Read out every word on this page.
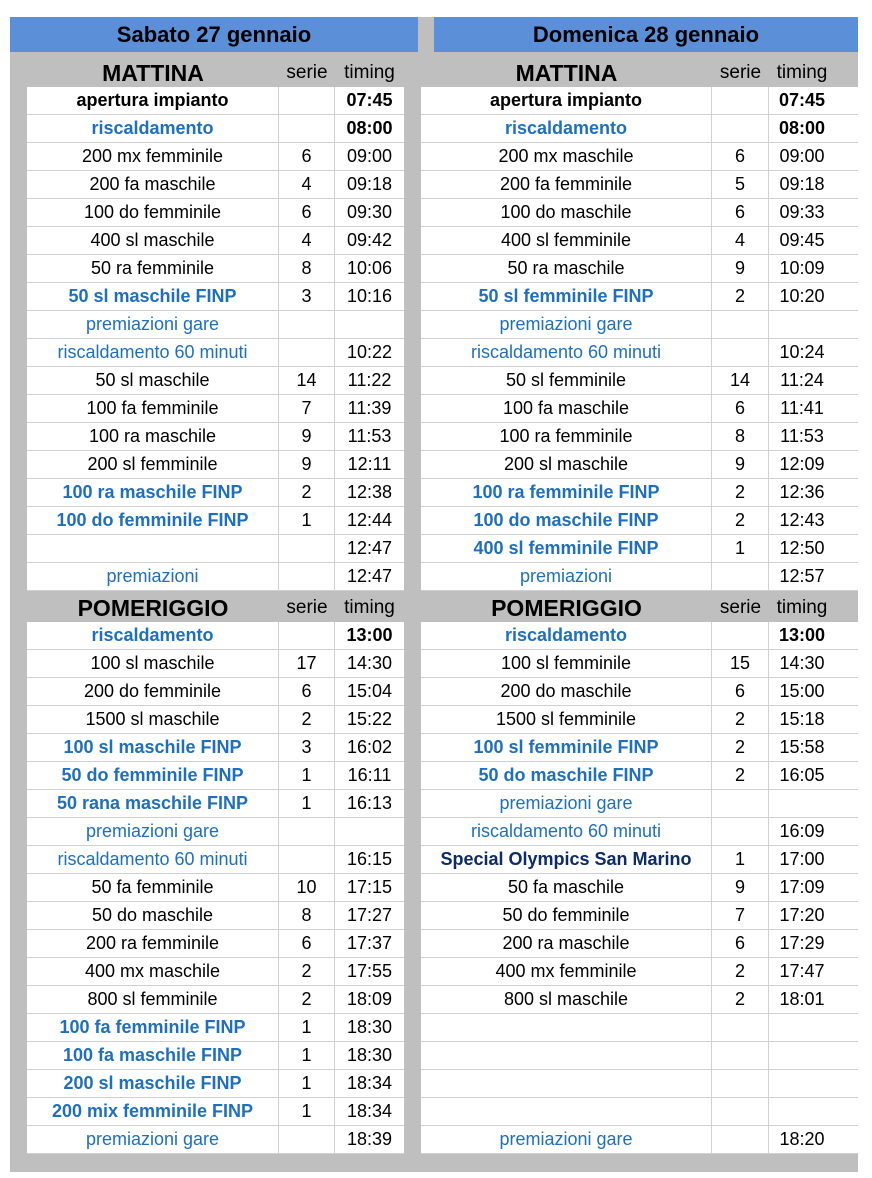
Sabato 27 gennaio	Domenica 28 gennaio
MATTINA	serie timing
apertura impianto	07:45
riscaldamento	08:00
200 mx femminile	6	09:00
200 fa maschile	4	09:18
100 do femminile	6	09:30
400 sl maschile	4	09:42
50 ra femminile	8	10:06
50 sl maschile FINP	3	10:16
premiazioni gare
riscaldamento 60 minuti	10:22
50 sl maschile	14	11:22
100 fa femminile	7	11:39
100 ra maschile	9	11:53
200 sl femminile	9	12:11
100 ra maschile FINP	2	12:38
100 do femminile FINP	1	12:44
12:47
premiazioni	12:47
POMERIGGIO	serie timing
riscaldamento	13:00
100 sl maschile	17	14:30
200 do femminile	6	15:04
1500 sl maschile	2	15:22
100 sl maschile FINP	3	16:02
50 do femminile FINP	1	16:11
50 rana maschile FINP	1	16:13
premiazioni gare
riscaldamento 60 minuti	16:15
50 fa femminile	10	17:15
50 do maschile	8	17:27
200 ra femminile	6	17:37
400 mx maschile	2	17:55
800 sl femminile	2	18:09
100 fa femminile FINP	1	18:30
100 fa maschile FINP	1	18:30
200 sl maschile FINP	1	18:34
200 mix femminile FINP	1	18:34
premiazioni gare	18:39
MATTINA	serie timing
apertura impianto	07:45
riscaldamento	08:00
200 mx maschile	6	09:00
200 fa femminile	5	09:18
100 do maschile	6	09:33
400 sl femminile	4	09:45
50 ra maschile	9	10:09
50 sl femminile FINP	2	10:20
premiazioni gare
riscaldamento 60 minuti	10:24
50 sl femminile	14	11:24
100 fa maschile	6	11:41
100 ra femminile	8	11:53
200 sl maschile	9	12:09
100 ra femminile FINP	2	12:36
100 do maschile FINP	2	12:43
400 sl femminile FINP	1	12:50
premiazioni	12:57
POMERIGGIO	serie timing
riscaldamento	13:00
100 sl femminile	15	14:30
200 do maschile	6	15:00
1500 sl femminile	2	15:18
100 sl femminile FINP	2	15:58
50 do maschile FINP	2	16:05
premiazioni gare
riscaldamento 60 minuti	16:09
Special Olympics San Marino	1	17:00
50 fa maschile	9	17:09
50 do femminile	7	17:20
200 ra maschile	6	17:29
400 mx femminile	2	17:47
800 sl maschile	2	18:01
premiazioni gare	18:20
